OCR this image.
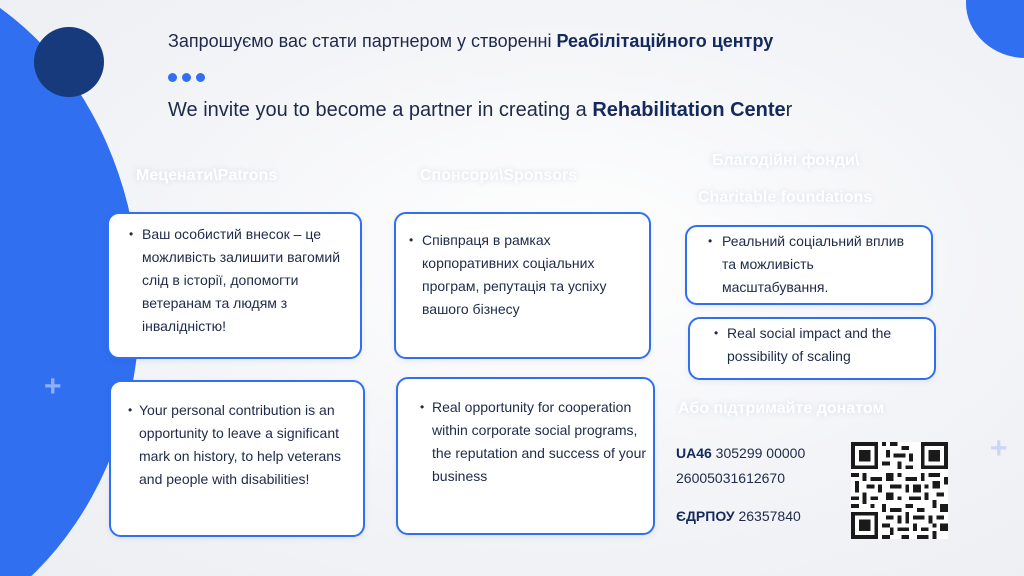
+
+
Запрошуємо вас стати партнером у створенні Реабілітаційного центру
We invite you to become a partner in creating a Rehabilitation Center
Меценати\Patrons	Спонсори\Sponsors
Благодійні фонди\
Charitable foundations
Або підтримайте донатом
• Ваш особистий внесок – це можливість залишити вагомий слід в історії, допомогти ветеранам та людям з інвалідністю!
• Your personal contribution is an opportunity to leave a significant mark on history, to help veterans and people with disabilities!
• Співпраця в рамках корпоративних соціальних програм, репутація та успіху вашого бізнесу
• Real opportunity for cooperation within corporate social programs, the reputation and success of your business
• Реальний соціальний вплив та можливість масштабування.
• Real social impact and the possibility of scaling
UA46 305299 00000
26005031612670
ЄДРПОУ 26357840
